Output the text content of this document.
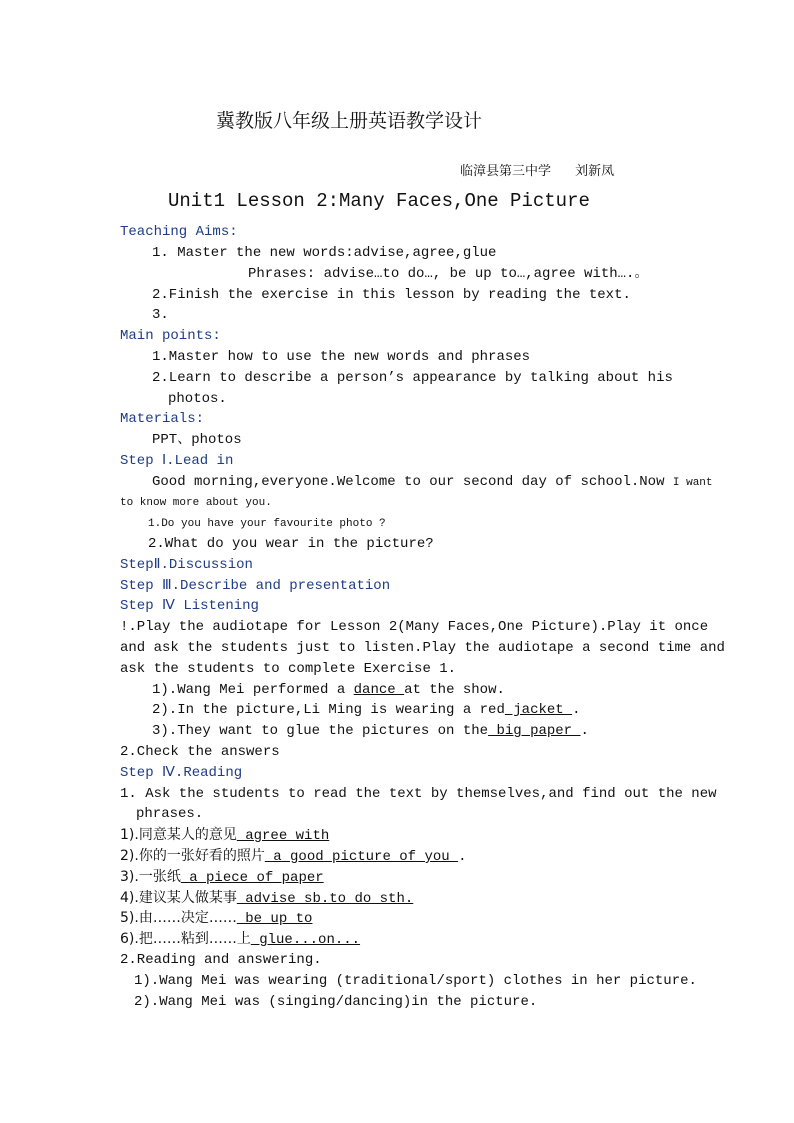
冀教版八年级上册英语教学设计
临漳县第三中学 刘新凤
Unit1 Lesson 2:Many Faces,One Picture

Teaching Aims:

1. Master the new words:advise,agree,glue

Phrases: advise…to do…, be up to…,agree with….。

2.Finish the exercise in this lesson by reading the text.

3.

Main points:

1.Master how to use the new words and phrases

2.Learn to describe a person’s appearance by talking about his

photos.

Materials:

PPT、photos

Step Ⅰ.Lead in

Good morning,everyone.Welcome to our second day of school.Now I want

to know more about you.

1.Do you have your favourite photo ?

2.What do you wear in the picture?

StepⅡ.Discussion

Step Ⅲ.Describe and presentation

Step Ⅳ Listening

!.Play the audiotape for Lesson 2(Many Faces,One Picture).Play it once

and ask the students just to listen.Play the audiotape a second time and

ask the students to complete Exercise 1.

1).Wang Mei performed a dance at the show.

2).In the picture,Li Ming is wearing a red jacket .

3).They want to glue the pictures on the big paper .

2.Check the answers

Step Ⅳ.Reading

1. Ask the students to read the text by themselves,and find out the new

phrases.

1).同意某人的意见 agree with

2).你的一张好看的照片 a good picture of you .

3).一张纸 a piece of paper

4).建议某人做某事 advise sb.to do sth.

5).由……决定…… be up to

6).把……粘到……上 glue...on...

2.Reading and answering.

1).Wang Mei was wearing (traditional/sport) clothes in her picture.

2).Wang Mei was (singing/dancing)in the picture.
